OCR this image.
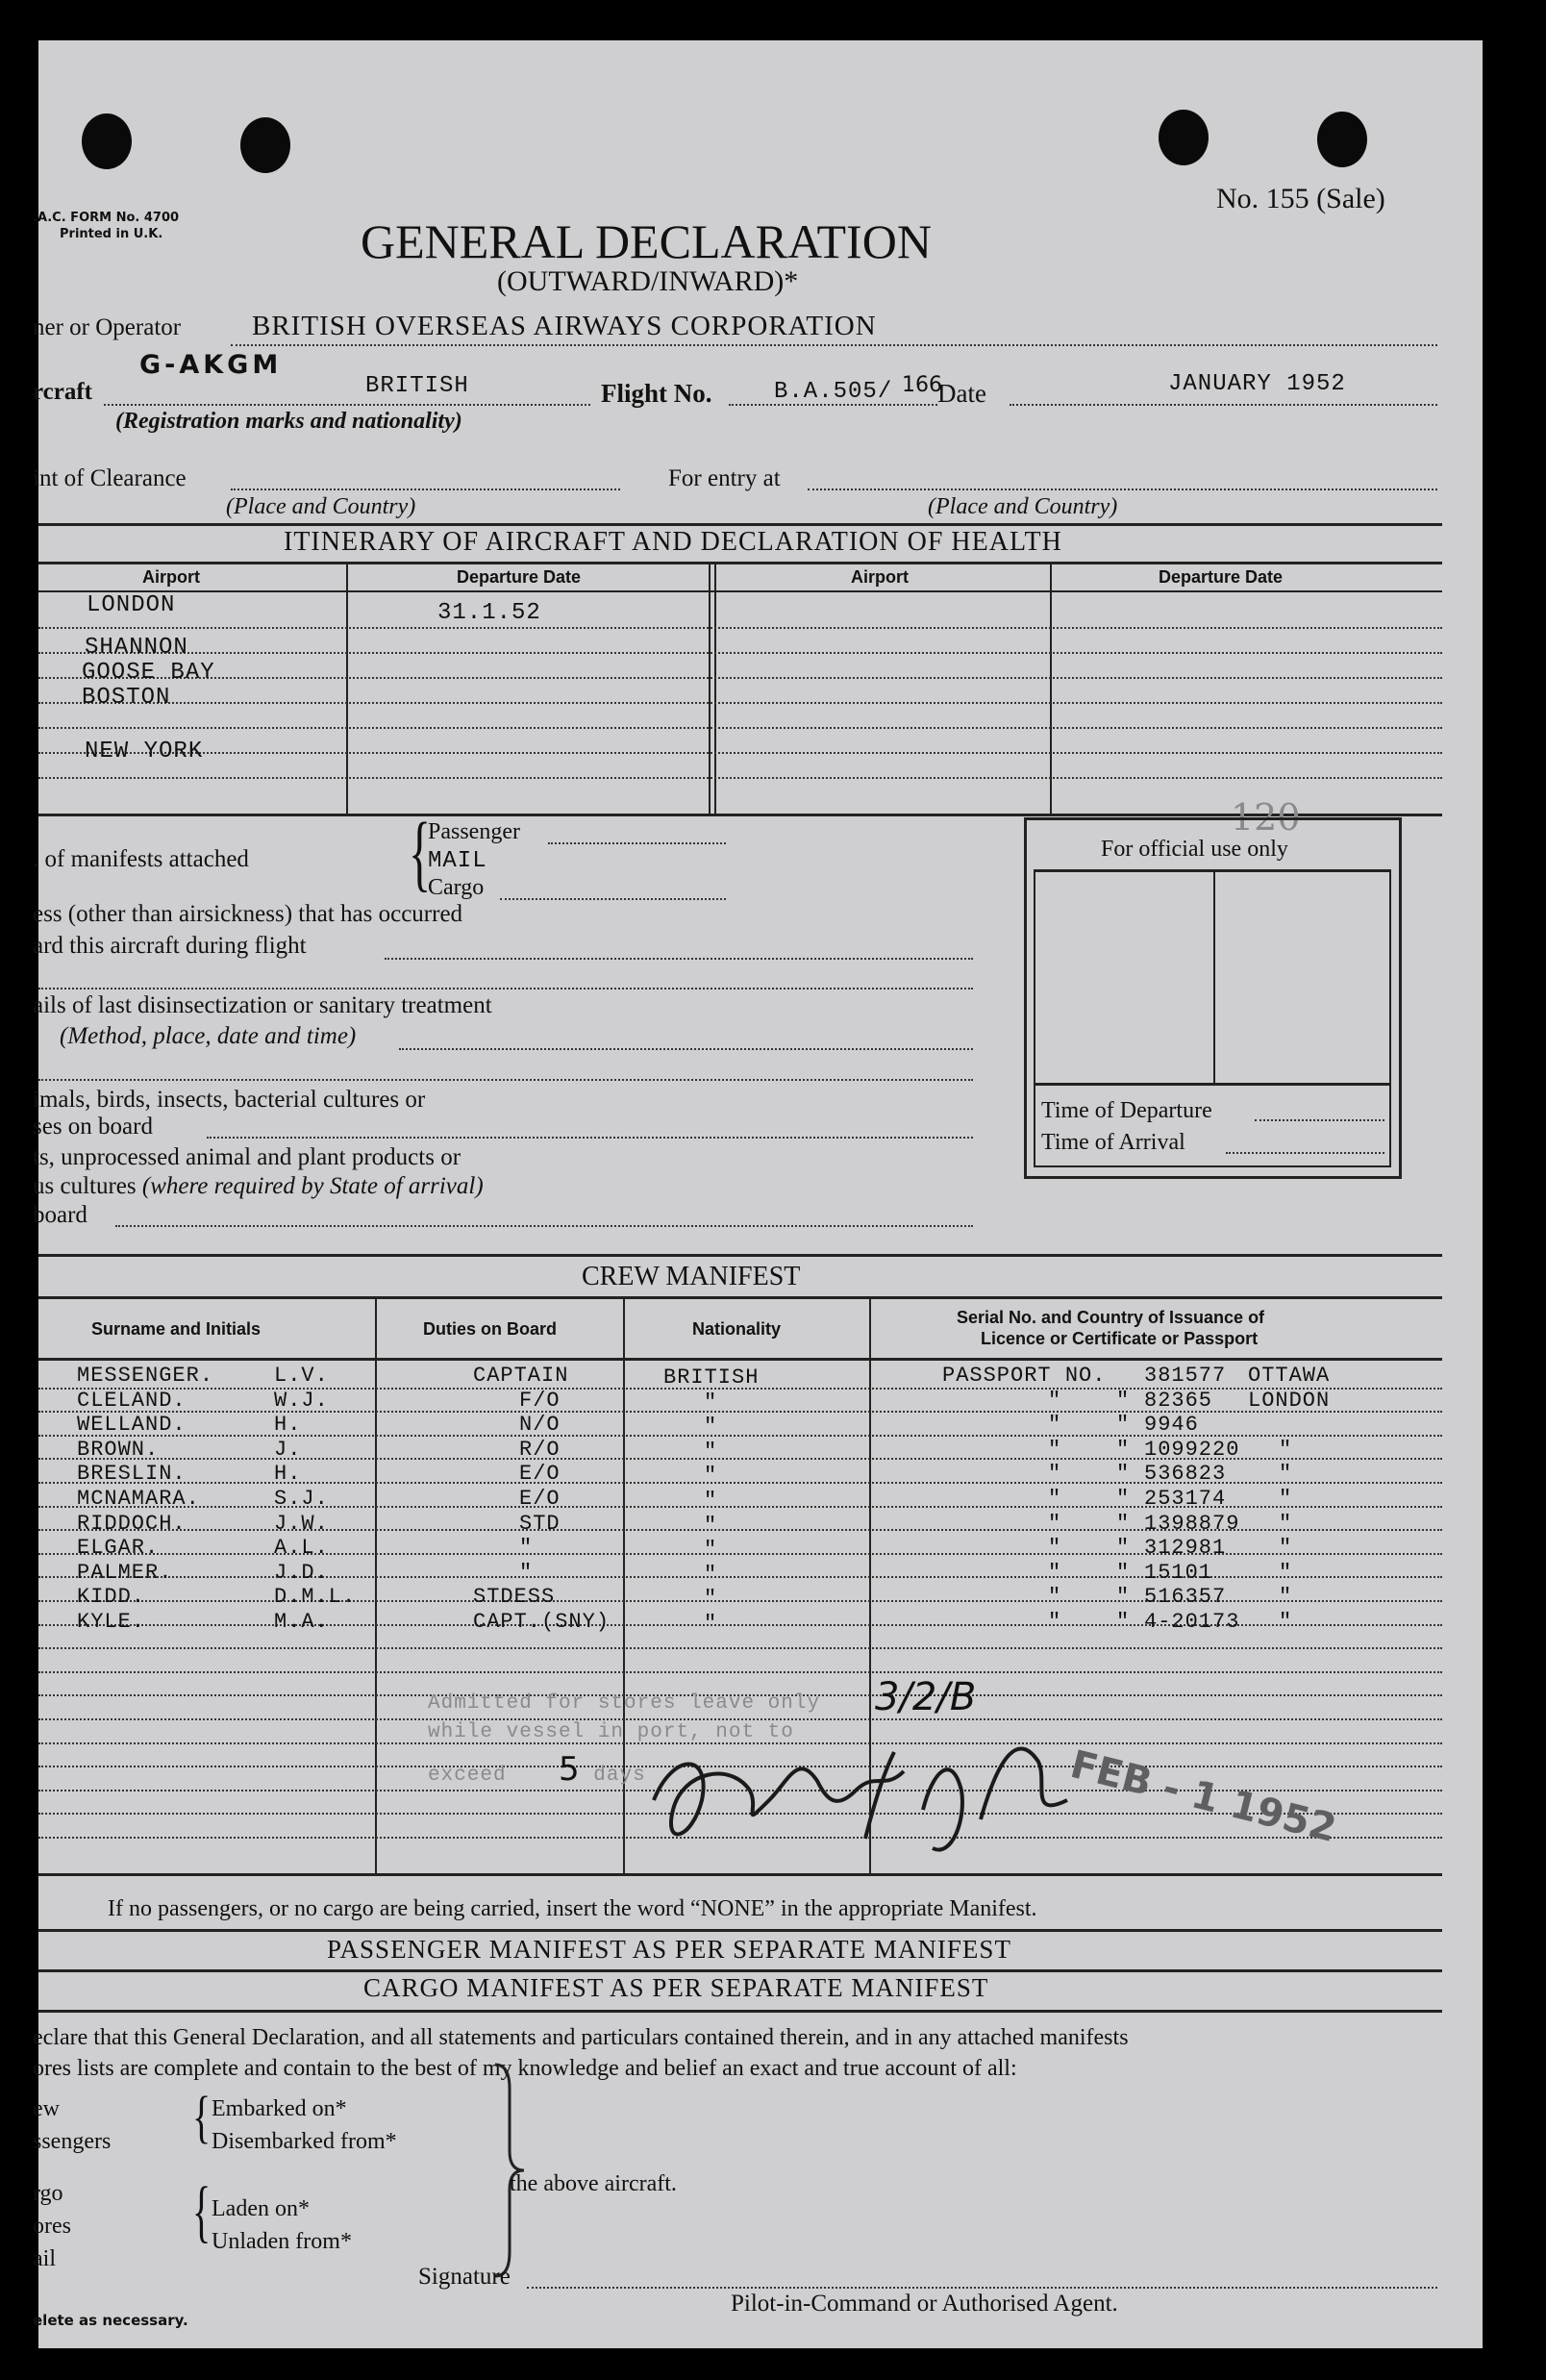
.A.C. FORM No. 4700
Printed in U.K.	GENERAL DECLARATION
(OUTWARD/INWARD)*
No. 155 (Sale)
ner or Operator	BRITISH OVERSEAS AIRWAYS CORPORATION
G-AKGM
rcraft	BRITISH
(Registration marks and nationality)
Flight No.	B.A.505/ 166
Date	JANUARY 1952
int of Clearance	For entry at
(Place and Country)	(Place and Country)
ITINERARY OF AIRCRAFT AND DECLARATION OF HEALTH
Airport	Departure Date	Airport	Departure Date
LONDON	31.1.52
SHANNON
GOOSE BAY
BOSTON
NEW YORK
. of manifests attached	{
Passenger
MAIL
Cargo
120
ess (other than airsickness) that has occurred
ard this aircraft during flight
ails of last disinsectization or sanitary treatment
(Method, place, date and time)
imals, birds, insects, bacterial cultures or
ses on board
ts, unprocessed animal and plant products or
us cultures (where required by State of arrival)
board
For official use only
Time of Departure
Time of Arrival
CREW MANIFEST
Surname and Initials	Duties on Board	Nationality
Serial No. and Country of Issuance of
Licence or Certificate or Passport
MESSENGER.	L.V.	CAPTAIN	BRITISH	PASSPORT NO. 381577 OTTAWA
CLELAND.	W.J.	F/O	"	"    " 82365 LONDON
WELLAND.	H.	N/O	"	"    " 9946
BROWN.	J.	R/O	"	"    " 1099220 "
BRESLIN.	H.	E/O	"	"    " 536823 "
MCNAMARA.	S.J.	E/O	"	"    " 253174 "
RIDDOCH.	J.W.	STD	"	"    " 1398879 "
ELGAR.	A.L.	"	"	"    " 312981 "
PALMER.	J.D.	"	"	"    " 15101	"
KIDD.	D.M.L.	STDESS	"	"    " 516357 "
KYLE.	M.A.	CAPT.(SNY)	"	"    " 4-20173 "
Admitted for stores leave only
while vessel in port, not to
exceed 5 days
3/2/B
FEB - 1 1952
If no passengers, or no cargo are being carried, insert the word “NONE” in the appropriate Manifest.
PASSENGER MANIFEST AS PER SEPARATE MANIFEST
CARGO MANIFEST AS PER SEPARATE MANIFEST
eclare that this General Declaration, and all statements and particulars contained therein, and in any attached manifests
ores lists are complete and contain to the best of my knowledge and belief an exact and true account of all:
ew
ssengers { Embarked on*
Disembarked from*
rgo
ores
ail
{ Laden on*
Unladen from*
the above aircraft.
Signature
Pilot-in-Command or Authorised Agent.
elete as necessary.
